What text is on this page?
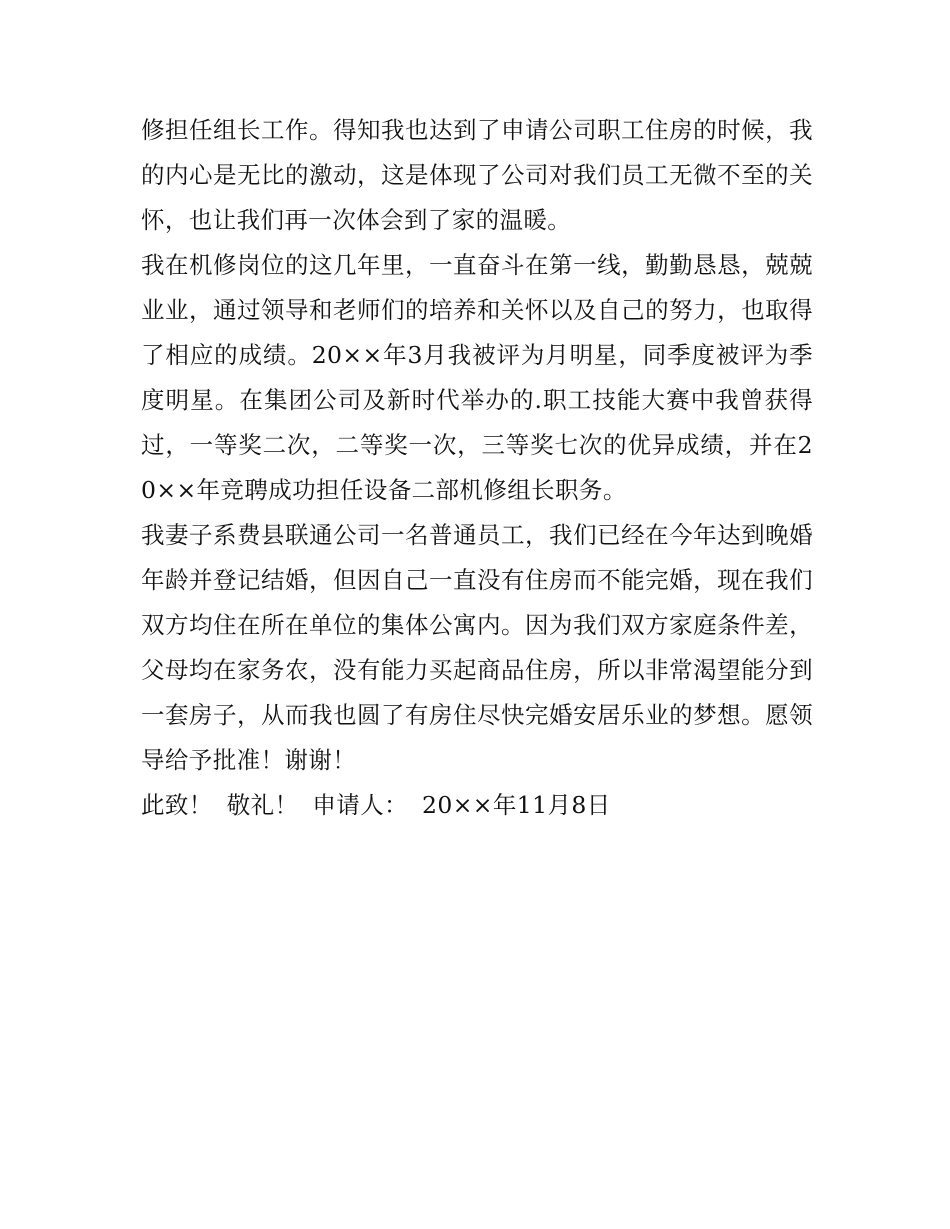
修担任组长工作。得知我也达到了申请公司职工住房的时候，我的内心是无比的激动，这是体现了公司对我们员工无微不至的关怀，也让我们再一次体会到了家的温暖。

我在机修岗位的这几年里，一直奋斗在第一线，勤勤恳恳，兢兢业业，通过领导和老师们的培养和关怀以及自己的努力，也取得了相应的成绩。20××年3月我被评为月明星，同季度被评为季度明星。在集团公司及新时代举办的.职工技能大赛中我曾获得过，一等奖二次，二等奖一次，三等奖七次的优异成绩，并在20××年竞聘成功担任设备二部机修组长职务。

我妻子系费县联通公司一名普通员工，我们已经在今年达到晚婚年龄并登记结婚，但因自己一直没有住房而不能完婚，现在我们双方均住在所在单位的集体公寓内。因为我们双方家庭条件差，父母均在家务农，没有能力买起商品住房，所以非常渴望能分到一套房子，从而我也圆了有房住尽快完婚安居乐业的梦想。愿领导给予批准！谢谢！

此致！ 敬礼！ 申请人： 20××年11月8日
